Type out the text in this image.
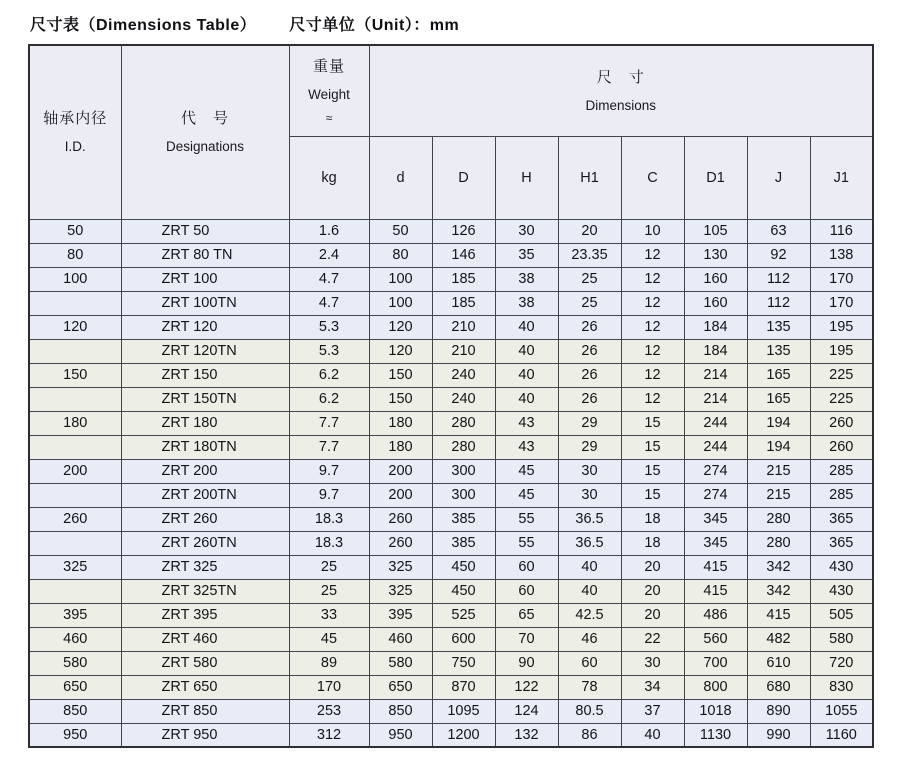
尺寸表（Dimensions Table） 尺寸单位（Unit）：mm
轴承内径
I.D.

代　号
Designations

重量
Weight
≈

尺　寸
Dimensions

		kg	d	D	H	H1	C	D1	J	J1
50	ZRT 50	1.6	50	126	30	20	10	105	63	116
80	ZRT 80 TN	2.4	80	146	35	23.35	12	130	92	138
100	ZRT 100	4.7	100	185	38	25	12	160	112	170
	ZRT 100TN	4.7	100	185	38	25	12	160	112	170
120	ZRT 120	5.3	120	210	40	26	12	184	135	195
	ZRT 120TN	5.3	120	210	40	26	12	184	135	195
150	ZRT 150	6.2	150	240	40	26	12	214	165	225
	ZRT 150TN	6.2	150	240	40	26	12	214	165	225
180	ZRT 180	7.7	180	280	43	29	15	244	194	260
	ZRT 180TN	7.7	180	280	43	29	15	244	194	260
200	ZRT 200	9.7	200	300	45	30	15	274	215	285
	ZRT 200TN	9.7	200	300	45	30	15	274	215	285
260	ZRT 260	18.3	260	385	55	36.5	18	345	280	365
	ZRT 260TN	18.3	260	385	55	36.5	18	345	280	365
325	ZRT 325	25	325	450	60	40	20	415	342	430
	ZRT 325TN	25	325	450	60	40	20	415	342	430
395	ZRT 395	33	395	525	65	42.5	20	486	415	505
460	ZRT 460	45	460	600	70	46	22	560	482	580
580	ZRT 580	89	580	750	90	60	30	700	610	720
650	ZRT 650	170	650	870	122	78	34	800	680	830
850	ZRT 850	253	850	1095	124	80.5	37	1018	890	1055
950	ZRT 950	312	950	1200	132	86	40	1130	990	1160
